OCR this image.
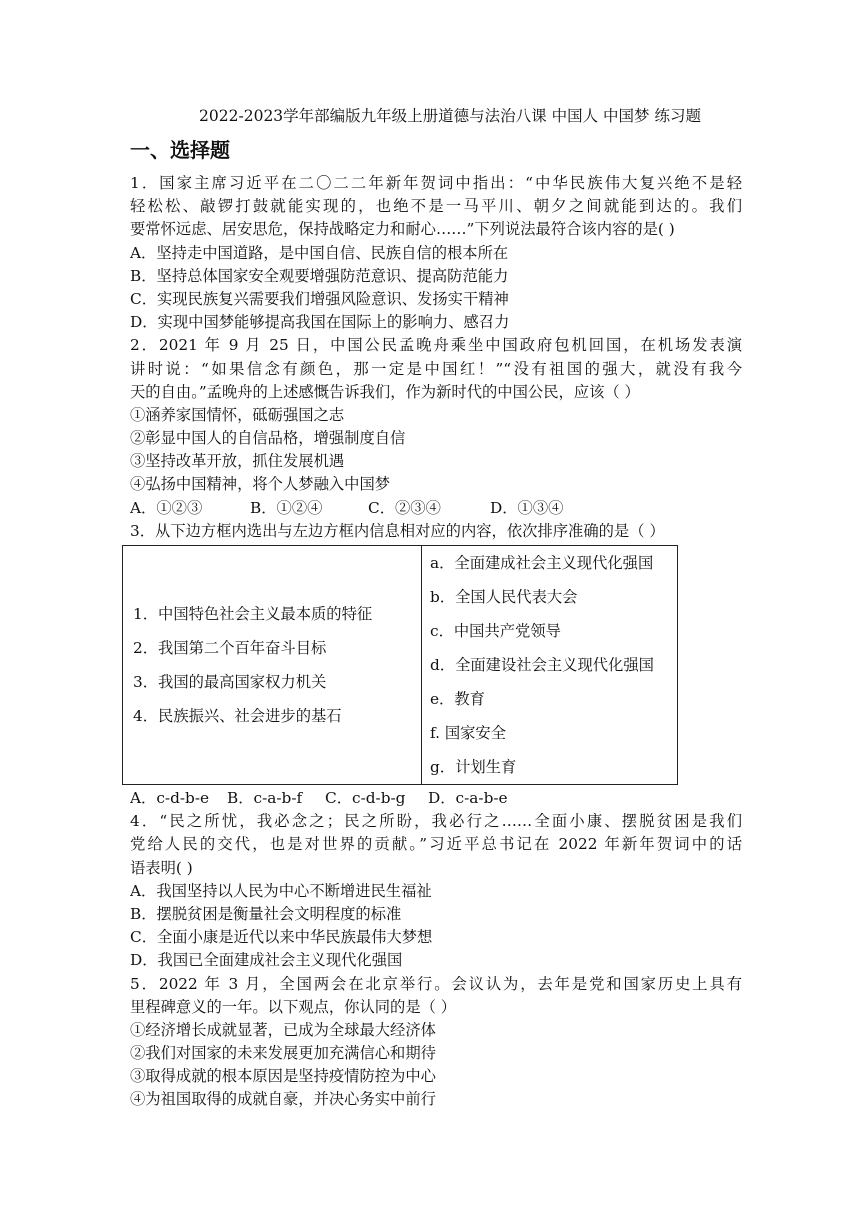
2022-2023学年部编版九年级上册道德与法治八课 中国人 中国梦 练习题
一、选择题
1．国家主席习近平在二〇二二年新年贺词中指出：“中华民族伟大复兴绝不是轻
轻松松、敲锣打鼓就能实现的，也绝不是一马平川、朝夕之间就能到达的。我们
要常怀远虑、居安思危，保持战略定力和耐心……”下列说法最符合该内容的是( )
A．坚持走中国道路，是中国自信、民族自信的根本所在
B．坚持总体国家安全观要增强防范意识、提高防范能力
C．实现民族复兴需要我们增强风险意识、发扬实干精神
D．实现中国梦能够提高我国在国际上的影响力、感召力
2．2021 年 9 月 25 日，中国公民孟晚舟乘坐中国政府包机回国，在机场发表演
讲时说：“如果信念有颜色，那一定是中国红！”“没有祖国的强大，就没有我今
天的自由。”孟晚舟的上述感慨告诉我们，作为新时代的中国公民，应该（ ）
①涵养家国情怀，砥砺强国之志
②彰显中国人的自信品格，增强制度自信
③坚持改革开放，抓住发展机遇
④弘扬中国精神，将个人梦融入中国梦
A．①②③	B．①②④	C．②③④	D．①③④
3．从下边方框内选出与左边方框内信息相对应的内容，依次排序准确的是（ ）
1．中国特色社会主义最本质的特征
2．我国第二个百年奋斗目标
3．我国的最高国家权力机关
4．民族振兴、社会进步的基石

a．全面建成社会主义现代化强国
b．全国人民代表大会
c．中国共产党领导
d．全面建设社会主义现代化强国
e．教育
f. 国家安全
g．计划生育
A．c-d-b-e	B．c-a-b-f	C．c-d-b-g	D．c-a-b-e
4．“民之所忧，我必念之；民之所盼，我必行之……全面小康、摆脱贫困是我们
党给人民的交代，也是对世界的贡献。”习近平总书记在 2022 年新年贺词中的话
语表明( )
A．我国坚持以人民为中心不断增进民生福祉
B．摆脱贫困是衡量社会文明程度的标准
C．全面小康是近代以来中华民族最伟大梦想
D．我国已全面建成社会主义现代化强国
5．2022 年 3 月，全国两会在北京举行。会议认为，去年是党和国家历史上具有
里程碑意义的一年。以下观点，你认同的是（ ）
①经济增长成就显著，已成为全球最大经济体
②我们对国家的未来发展更加充满信心和期待
③取得成就的根本原因是坚持疫情防控为中心
④为祖国取得的成就自豪，并决心务实中前行
